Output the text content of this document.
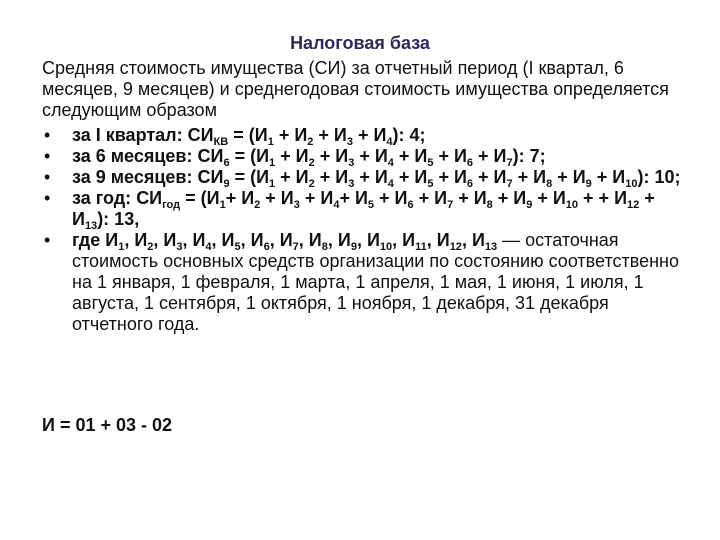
Налоговая база

Средняя стоимость имущества (СИ) за отчетный период (I квартал, 6 месяцев, 9 месяцев) и среднегодовая стоимость имущества определяется следующим образом

• за I квартал: $СИ_{КВ} = (И_1 + И_2 + И_3 + И_4)$: 4;
• за 6 месяцев: $СИ_6 = (И_1 + И_2 + И_3 + И_4 + И_5 + И_6 + И_7)$: 7;
• за 9 месяцев: $СИ_9 = (И_1 + И_2 + И_3 + И_4 + И_5 + И_6 + И_7 + И_8 + И_9 + И_{10})$: 10;
• за год: $СИ_{год} = (И_1+ И_2 + И_3 + И_4+ И_5 + И_6 + И_7 + И_8 + И_9 + И_{10}$ + + $И_{12} + И_{13}$): 13,
• где $И_1$, $И_2$, $И_3$, $И_4$, $И_5$, $И_6$, $И_7$, $И_8$, $И_9$, $И_{10}$, $И_{11}$, $И_{12}$, $И_{13}$ — остаточная стоимость основных средств организации по состоянию соответственно на 1 января, 1 февраля, 1 марта, 1 апреля, 1 мая, 1 июня, 1 июля, 1 августа, 1 сентября, 1 октября, 1 ноября, 1 декабря, 31 декабря отчетного года.
И = 01 + 03 - 02
